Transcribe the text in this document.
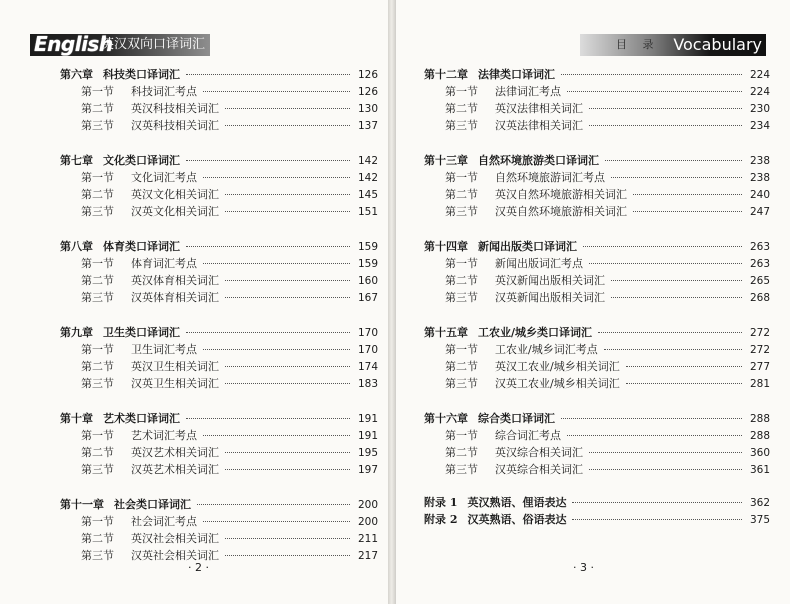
English
英汉双向口译词汇
第六章 科技类口译词汇	126
第一节 科技词汇考点	126
第二节 英汉科技相关词汇	130
第三节 汉英科技相关词汇	137
第七章 文化类口译词汇	142
第一节 文化词汇考点	142
第二节 英汉文化相关词汇	145
第三节 汉英文化相关词汇	151
第八章 体育类口译词汇	159
第一节 体育词汇考点	159
第二节 英汉体育相关词汇	160
第三节 汉英体育相关词汇	167
第九章 卫生类口译词汇	170
第一节 卫生词汇考点	170
第二节 英汉卫生相关词汇	174
第三节 汉英卫生相关词汇	183
第十章 艺术类口译词汇	191
第一节 艺术词汇考点	191
第二节 英汉艺术相关词汇	195
第三节 汉英艺术相关词汇	197
第十一章 社会类口译词汇	200
第一节 社会词汇考点	200
第二节 英汉社会相关词汇	211
第三节 汉英社会相关词汇	217
· 2 ·
目 录 Vocabulary
第十二章 法律类口译词汇	224
第一节 法律词汇考点	224
第二节 英汉法律相关词汇	230
第三节 汉英法律相关词汇	234
第十三章 自然环境旅游类口译词汇	238
第一节 自然环境旅游词汇考点	238
第二节 英汉自然环境旅游相关词汇	240
第三节 汉英自然环境旅游相关词汇	247
第十四章 新闻出版类口译词汇	263
第一节 新闻出版词汇考点	263
第二节 英汉新闻出版相关词汇	265
第三节 汉英新闻出版相关词汇	268
第十五章 工农业/城乡类口译词汇	272
第一节 工农业/城乡词汇考点	272
第二节 英汉工农业/城乡相关词汇	277
第三节 汉英工农业/城乡相关词汇	281
第十六章 综合类口译词汇	288
第一节 综合词汇考点	288
第二节 英汉综合相关词汇	360
第三节 汉英综合相关词汇	361
附录 1 英汉熟语、俚语表达	362
附录 2 汉英熟语、俗语表达	375
· 3 ·
